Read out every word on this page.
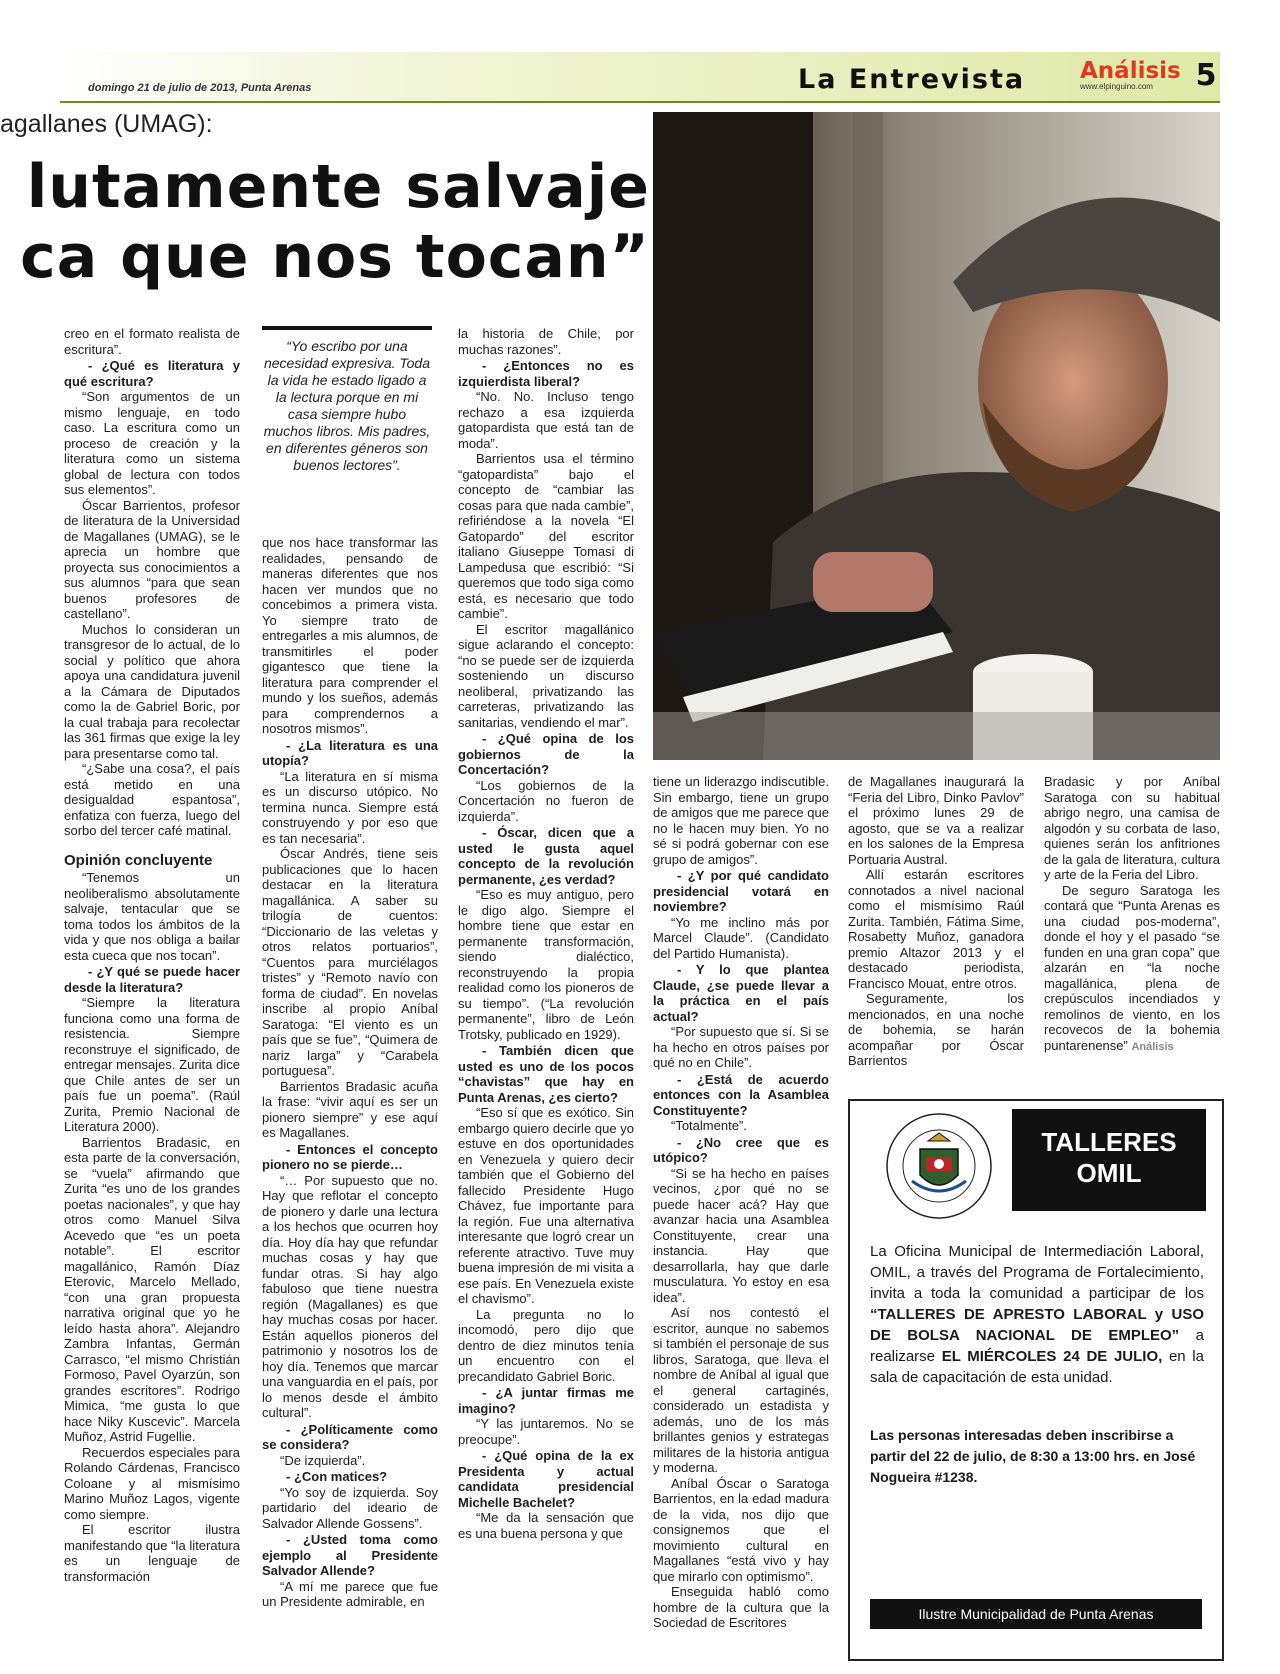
domingo 21 de julio de 2013, Punta Arenas	La Entrevista Análisis
www.elpinguino.com	5
agallanes (UMAG):
lutamente salvaje
ca que nos tocan”
“Yo escribo por una necesidad expresiva. Toda la vida he estado ligado a la lectura porque en mi casa siempre hubo muchos libros. Mis padres, en diferentes géneros son buenos lectores”.

creo en el formato realista de escritura”.

- ¿Qué es literatura y qué escritura?

“Son argumentos de un mismo lenguaje, en todo caso. La escritura como un proceso de creación y la literatura como un sistema global de lectura con todos sus elementos”.

Óscar Barrientos, profesor de literatura de la Universidad de Magallanes (UMAG), se le aprecia un hombre que proyecta sus conocimientos a sus alumnos “para que sean buenos profesores de castellano”.

Muchos lo consideran un transgresor de lo actual, de lo social y político que ahora apoya una candidatura juvenil a la Cámara de Diputados como la de Gabriel Boric, por la cual trabaja para recolectar las 361 firmas que exige la ley para presentarse como tal.

“¿Sabe una cosa?, el país está metido en una desigualdad espantosa”, enfatiza con fuerza, luego del sorbo del tercer café matinal.

Opinión concluyente

“Tenemos un neoliberalismo absolutamente salvaje, tentacular que se toma todos los ámbitos de la vida y que nos obliga a bailar esta cueca que nos tocan”.

- ¿Y qué se puede hacer desde la literatura?

“Siempre la literatura funciona como una forma de resistencia. Siempre reconstruye el significado, de entregar mensajes. Zurita dice que Chile antes de ser un país fue un poema”. (Raúl Zurita, Premio Nacional de Literatura 2000).

Barrientos Bradasic, en esta parte de la conversación, se “vuela” afirmando que Zurita “es uno de los grandes poetas nacionales”, y que hay otros como Manuel Silva Acevedo que “es un poeta notable”. El escritor magallánico, Ramón Díaz Eterovic, Marcelo Mellado, “con una gran propuesta narrativa original que yo he leído hasta ahora”. Alejandro Zambra Infantas, Germán Carrasco, “el mismo Christián Formoso, Pavel Oyarzún, son grandes escritores”. Rodrigo Mimica, “me gusta lo que hace Niky Kuscevic”. Marcela Muñoz, Astrid Fugellie.

Recuerdos especiales para Rolando Cárdenas, Francisco Coloane y al mismísimo Marino Muñoz Lagos, vigente como siempre.

El escritor ilustra manifestando que “la literatura es un lenguaje de transformación

que nos hace transformar las realidades, pensando de maneras diferentes que nos hacen ver mundos que no concebimos a primera vista. Yo siempre trato de entregarles a mis alumnos, de transmitirles el poder gigantesco que tiene la literatura para comprender el mundo y los sueños, además para comprendernos a nosotros mismos”.

- ¿La literatura es una utopía?

“La literatura en sí misma es un discurso utópico. No termina nunca. Siempre está construyendo y por eso que es tan necesaria”.

Óscar Andrés, tiene seis publicaciones que lo hacen destacar en la literatura magallánica. A saber su trilogía de cuentos: “Diccionario de las veletas y otros relatos portuarios”, “Cuentos para murciélagos tristes” y “Remoto navío con forma de ciudad”. En novelas inscribe al propio Aníbal Saratoga: “El viento es un país que se fue”, “Quimera de nariz larga” y “Carabela portuguesa”.

Barrientos Bradasic acuña la frase: “vivir aquí es ser un pionero siempre” y ese aquí es Magallanes.

- Entonces el concepto pionero no se pierde…

“… Por supuesto que no. Hay que reflotar el concepto de pionero y darle una lectura a los hechos que ocurren hoy día. Hoy día hay que refundar muchas cosas y hay que fundar otras. Si hay algo fabuloso que tiene nuestra región (Magallanes) es que hay muchas cosas por hacer. Están aquellos pioneros del patrimonio y nosotros los de hoy día. Tenemos que marcar una vanguardia en el país, por lo menos desde el ámbito cultural”.

- ¿Políticamente como se considera?

“De izquierda”.

- ¿Con matices?

“Yo soy de izquierda. Soy partidario del ideario de Salvador Allende Gossens”.

- ¿Usted toma como ejemplo al Presidente Salvador Allende?

“A mí me parece que fue un Presidente admirable, en

la historia de Chile, por muchas razones”.

- ¿Entonces no es izquierdista liberal?

“No. No. Incluso tengo rechazo a esa izquierda gatopardista que está tan de moda”.

Barrientos usa el término “gatopardista” bajo el concepto de “cambiar las cosas para que nada cambie”, refiriéndose a la novela “El Gatopardo” del escritor italiano Giuseppe Tomasi di Lampedusa que escribió: “Si queremos que todo siga como está, es necesario que todo cambie”.

El escritor magallánico sigue aclarando el concepto: “no se puede ser de izquierda sosteniendo un discurso neoliberal, privatizando las carreteras, privatizando las sanitarias, vendiendo el mar”.

- ¿Qué opina de los gobiernos de la Concertación?

“Los gobiernos de la Concertación no fueron de izquierda”.

- Óscar, dicen que a usted le gusta aquel concepto de la revolución permanente, ¿es verdad?

“Eso es muy antiguo, pero le digo algo. Siempre el hombre tiene que estar en permanente transformación, siendo dialéctico, reconstruyendo la propia realidad como los pioneros de su tiempo”. (“La revolución permanente”, libro de León Trotsky, publicado en 1929).

- También dicen que usted es uno de los pocos “chavistas” que hay en Punta Arenas, ¿es cierto?

“Eso sí que es exótico. Sin embargo quiero decirle que yo estuve en dos oportunidades en Venezuela y quiero decir también que el Gobierno del fallecido Presidente Hugo Chávez, fue importante para la región. Fue una alternativa interesante que logró crear un referente atractivo. Tuve muy buena impresión de mi visita a ese país. En Venezuela existe el chavismo”.

La pregunta no lo incomodó, pero dijo que dentro de diez minutos tenía un encuentro con el precandidato Gabriel Boric.

- ¿A juntar firmas me imagino?

“Y las juntaremos. No se preocupe”.

- ¿Qué opina de la ex Presidenta y actual candidata presidencial Michelle Bachelet?

“Me da la sensación que es una buena persona y que

tiene un liderazgo indiscutible. Sin embargo, tiene un grupo de amigos que me parece que no le hacen muy bien. Yo no sé si podrá gobernar con ese grupo de amigos”.

- ¿Y por qué candidato presidencial votará en noviembre?

“Yo me inclino más por Marcel Claude”. (Candidato del Partido Humanista).

- Y lo que plantea Claude, ¿se puede llevar a la práctica en el país actual?

“Por supuesto que sí. Si se ha hecho en otros países por qué no en Chile”.

- ¿Está de acuerdo entonces con la Asamblea Constituyente?

“Totalmente”.

- ¿No cree que es utópico?

“Si se ha hecho en países vecinos, ¿por qué no se puede hacer acá? Hay que avanzar hacia una Asamblea Constituyente, crear una instancia. Hay que desarrollarla, hay que darle musculatura. Yo estoy en esa idea”.

Así nos contestó el escritor, aunque no sabemos si también el personaje de sus libros, Saratoga, que lleva el nombre de Aníbal al igual que el general cartaginés, considerado un estadista y además, uno de los más brillantes genios y estrategas militares de la historia antigua y moderna.

Aníbal Óscar o Saratoga Barrientos, en la edad madura de la vida, nos dijo que consignemos que el movimiento cultural en Magallanes “está vivo y hay que mirarlo con optimismo”.

Enseguida habló como hombre de la cultura que la Sociedad de Escritores

de Magallanes inaugurará la “Feria del Libro, Dinko Pavlov” el próximo lunes 29 de agosto, que se va a realizar en los salones de la Empresa Portuaria Austral.

Allí estarán escritores connotados a nivel nacional como el mismísimo Raúl Zurita. También, Fátima Sime, Rosabetty Muñoz, ganadora premio Altazor 2013 y el destacado periodista, Francisco Mouat, entre otros.

Seguramente, los mencionados, en una noche de bohemia, se harán acompañar por Óscar Barrientos

Bradasic y por Aníbal Saratoga con su habitual abrigo negro, una camisa de algodón y su corbata de laso, quienes serán los anfitriones de la gala de literatura, cultura y arte de la Feria del Libro.

De seguro Saratoga les contará que “Punta Arenas es una ciudad pos-moderna”, donde el hoy y el pasado “se funden en una gran copa” que alzarán en “la noche magallánica, plena de crepúsculos incendiados y remolinos de viento, en los recovecos de la bohemia puntarenense” Análisis

TALLERES
OMIL
La Oficina Municipal de Intermediación Laboral, OMIL, a través del Programa de Fortalecimiento, invita a toda la comunidad a participar de los “TALLERES DE APRESTO LABORAL y USO DE BOLSA NACIONAL DE EMPLEO” a realizarse EL MIÉRCOLES 24 DE JULIO, en la sala de capacitación de esta unidad.
Las personas interesadas deben inscribirse a partir del 22 de julio, de 8:30 a 13:00 hrs. en José Nogueira #1238.
Ilustre Municipalidad de Punta Arenas
